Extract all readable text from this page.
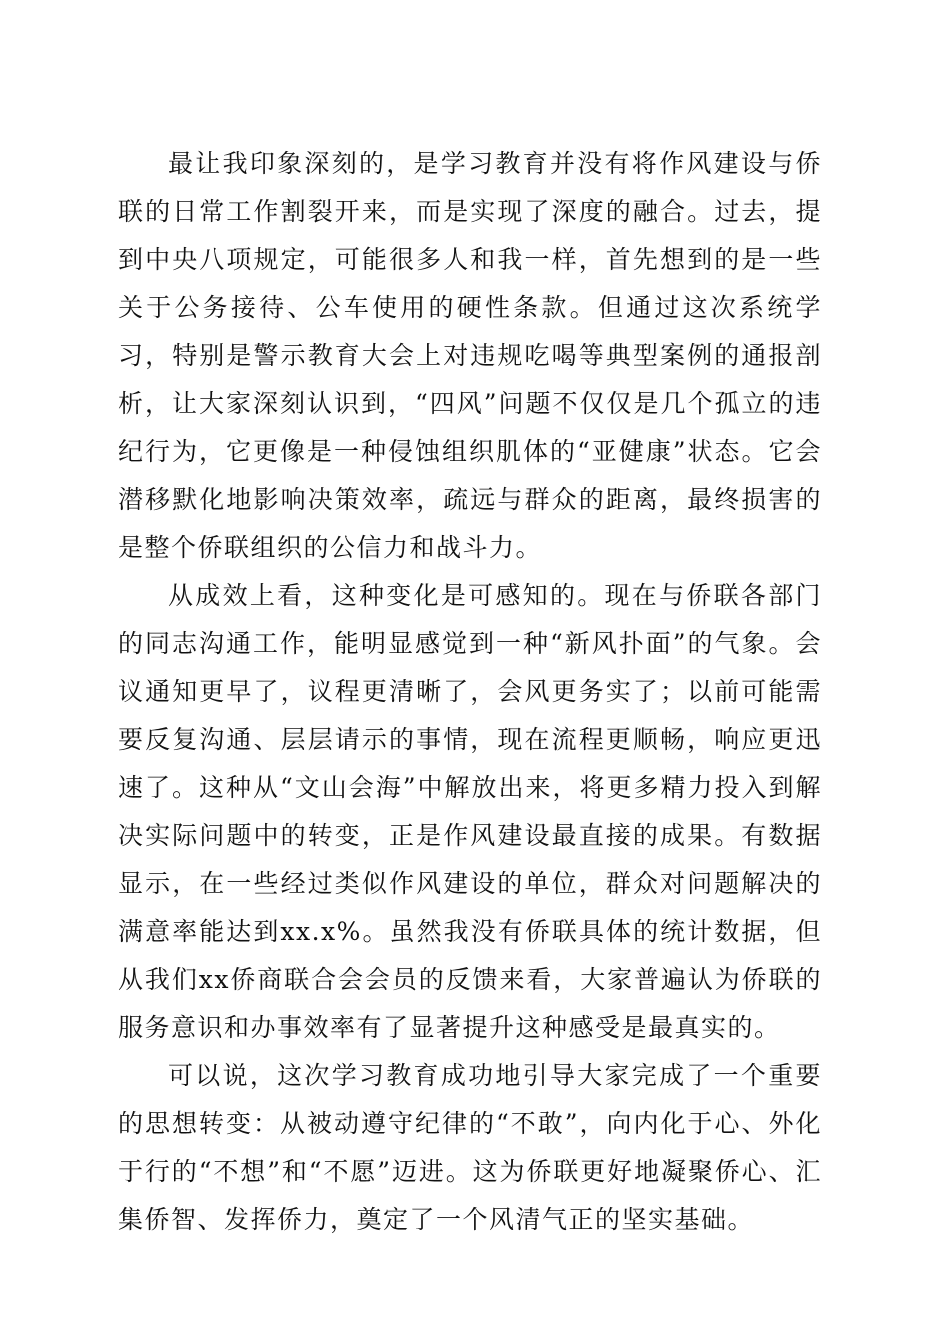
最让我印象深刻的，是学习教育并没有将作风建设与侨联的日常工作割裂开来，而是实现了深度的融合。过去，提到中央八项规定，可能很多人和我一样，首先想到的是一些关于公务接待、公车使用的硬性条款。但通过这次系统学习，特别是警示教育大会上对违规吃喝等典型案例的通报剖析，让大家深刻认识到，“四风”问题不仅仅是几个孤立的违纪行为，它更像是一种侵蚀组织肌体的“亚健康”状态。它会潜移默化地影响决策效率，疏远与群众的距离，最终损害的是整个侨联组织的公信力和战斗力。

从成效上看，这种变化是可感知的。现在与侨联各部门的同志沟通工作，能明显感觉到一种“新风扑面”的气象。会议通知更早了，议程更清晰了，会风更务实了；以前可能需要反复沟通、层层请示的事情，现在流程更顺畅，响应更迅速了。这种从“文山会海”中解放出来，将更多精力投入到解决实际问题中的转变，正是作风建设最直接的成果。有数据显示，在一些经过类似作风建设的单位，群众对问题解决的满意率能达到xx.x%。虽然我没有侨联具体的统计数据，但从我们xx侨商联合会会员的反馈来看，大家普遍认为侨联的服务意识和办事效率有了显著提升这种感受是最真实的。

可以说，这次学习教育成功地引导大家完成了一个重要的思想转变：从被动遵守纪律的“不敢”，向内化于心、外化于行的“不想”和“不愿”迈进。这为侨联更好地凝聚侨心、汇集侨智、发挥侨力，奠定了一个风清气正的坚实基础。
